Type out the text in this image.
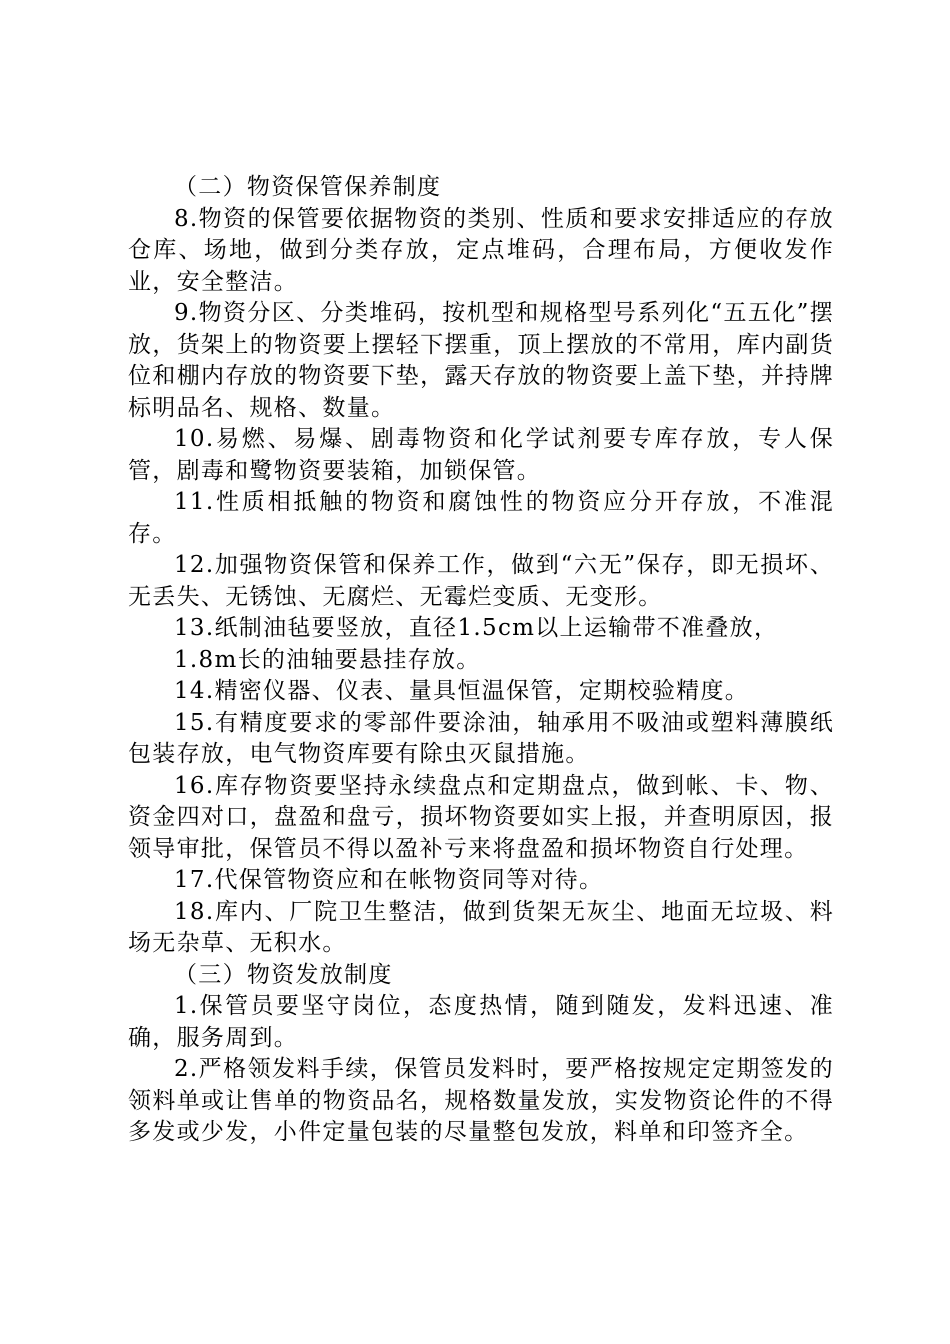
（二）物资保管保养制度

8.物资的保管要依据物资的类别、性质和要求安排适应的存放仓库、场地，做到分类存放，定点堆码，合理布局，方便收发作业，安全整洁。

9.物资分区、分类堆码，按机型和规格型号系列化“五五化”摆放，货架上的物资要上摆轻下摆重，顶上摆放的不常用，库内副货位和棚内存放的物资要下垫，露天存放的物资要上盖下垫，并持牌标明品名、规格、数量。

10.易燃、易爆、剧毒物资和化学试剂要专库存放，专人保管，剧毒和鹭物资要装箱，加锁保管。

11.性质相抵触的物资和腐蚀性的物资应分开存放，不准混存。

12.加强物资保管和保养工作，做到“六无”保存，即无损坏、无丢失、无锈蚀、无腐烂、无霉烂变质、无变形。

13.纸制油毡要竖放，直径1.5cm以上运输带不准叠放，

1.8m长的油轴要悬挂存放。

14.精密仪器、仪表、量具恒温保管，定期校验精度。

15.有精度要求的零部件要涂油，轴承用不吸油或塑料薄膜纸包装存放，电气物资库要有除虫灭鼠措施。

16.库存物资要坚持永续盘点和定期盘点，做到帐、卡、物、资金四对口，盘盈和盘亏，损坏物资要如实上报，并查明原因，报领导审批，保管员不得以盈补亏来将盘盈和损坏物资自行处理。

17.代保管物资应和在帐物资同等对待。

18.库内、厂院卫生整洁，做到货架无灰尘、地面无垃圾、料场无杂草、无积水。

（三）物资发放制度

1.保管员要坚守岗位，态度热情，随到随发，发料迅速、准确，服务周到。

2.严格领发料手续，保管员发料时，要严格按规定定期签发的领料单或让售单的物资品名，规格数量发放，实发物资论件的不得多发或少发，小件定量包装的尽量整包发放，料单和印签齐全。
